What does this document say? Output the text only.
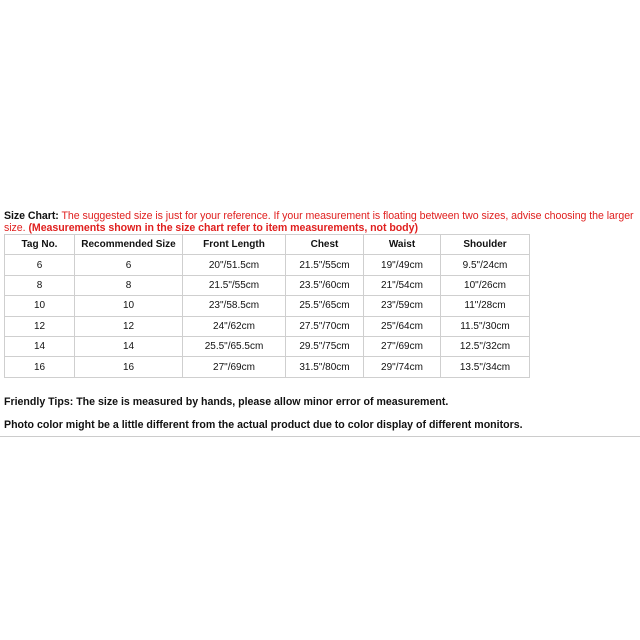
Size Chart: The suggested size is just for your reference. If your measurement is floating between two sizes, advise choosing the larger size. (Measurements shown in the size chart refer to item measurements, not body)
Tag No.	Recommended Size	Front Length	Chest	Waist	Shoulder
6	6	20"/51.5cm	21.5"/55cm	19"/49cm	9.5"/24cm
8	8	21.5"/55cm	23.5"/60cm	21"/54cm	10"/26cm
10	10	23"/58.5cm	25.5"/65cm	23"/59cm	11"/28cm
12	12	24"/62cm	27.5"/70cm	25"/64cm	11.5"/30cm
14	14	25.5"/65.5cm	29.5"/75cm	27"/69cm	12.5"/32cm
16	16	27"/69cm	31.5"/80cm	29"/74cm	13.5"/34cm
Friendly Tips: The size is measured by hands, please allow minor error of measurement.
Photo color might be a little different from the actual product due to color display of different monitors.
